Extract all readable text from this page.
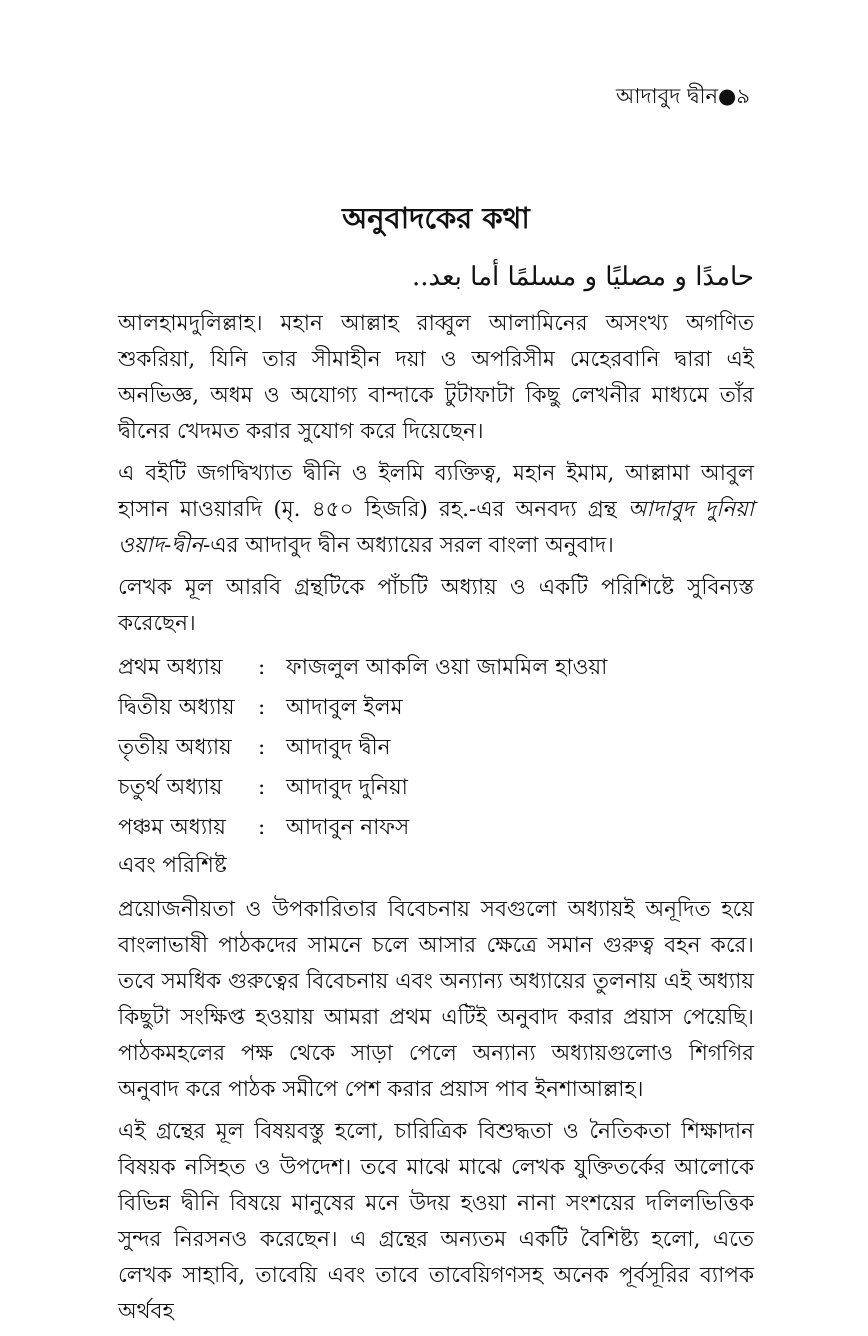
আদাবুদ দ্বীন●৯
অনুবাদকের কথা

حامدًا و مصليًا و مسلمًا أما بعد..

আলহামদুলিল্লাহ। মহান আল্লাহ রাব্বুল আলামিনের অসংখ্য অগণিত শুকরিয়া, যিনি তার সীমাহীন দয়া ও অপরিসীম মেহেরবানি দ্বারা এই অনভিজ্ঞ, অধম ও অযোগ্য বান্দাকে টুটাফাটা কিছু লেখনীর মাধ্যমে তাঁর দ্বীনের খেদমত করার সুযোগ করে দিয়েছেন।

এ বইটি জগদ্বিখ্যাত দ্বীনি ও ইলমি ব্যক্তিত্ব, মহান ইমাম, আল্লামা আবুল হাসান মাওয়ারদি (মৃ. ৪৫০ হিজরি) রহ.-এর অনবদ্য গ্রন্থ আদাবুদ দুনিয়া ওয়াদ-দ্বীন-এর আদাবুদ দ্বীন অধ্যায়ের সরল বাংলা অনুবাদ।

লেখক মূল আরবি গ্রন্থটিকে পাঁচটি অধ্যায় ও একটি পরিশিষ্টে সুবিন্যস্ত করেছেন।

প্রথম অধ্যায়	: ফাজলুল আকলি ওয়া জামমিল হাওয়া
দ্বিতীয় অধ্যায়	: আদাবুল ইলম
তৃতীয় অধ্যায়	: আদাবুদ দ্বীন
চতুর্থ অধ্যায়	: আদাবুদ দুনিয়া
পঞ্চম অধ্যায়	: আদাবুন নাফস

এবং পরিশিষ্ট

প্রয়োজনীয়তা ও উপকারিতার বিবেচনায় সবগুলো অধ্যায়ই অনূদিত হয়ে বাংলাভাষী পাঠকদের সামনে চলে আসার ক্ষেত্রে সমান গুরুত্ব বহন করে। তবে সমধিক গুরুত্বের বিবেচনায় এবং অন্যান্য অধ্যায়ের তুলনায় এই অধ্যায় কিছুটা সংক্ষিপ্ত হওয়ায় আমরা প্রথম এটিই অনুবাদ করার প্রয়াস পেয়েছি। পাঠকমহলের পক্ষ থেকে সাড়া পেলে অন্যান্য অধ্যায়গুলোও শিগগির অনুবাদ করে পাঠক সমীপে পেশ করার প্রয়াস পাব ইনশাআল্লাহ।

এই গ্রন্থের মূল বিষয়বস্তু হলো, চারিত্রিক বিশুদ্ধতা ও নৈতিকতা শিক্ষাদান বিষয়ক নসিহত ও উপদেশ। তবে মাঝে মাঝে লেখক যুক্তিতর্কের আলোকে বিভিন্ন দ্বীনি বিষয়ে মানুষের মনে উদয় হওয়া নানা সংশয়ের দলিলভিত্তিক সুন্দর নিরসনও করেছেন। এ গ্রন্থের অন্যতম একটি বৈশিষ্ট্য হলো, এতে লেখক সাহাবি, তাবেয়ি এবং তাবে তাবেয়িগণসহ অনেক পূর্বসূরির ব্যাপক অর্থবহ
